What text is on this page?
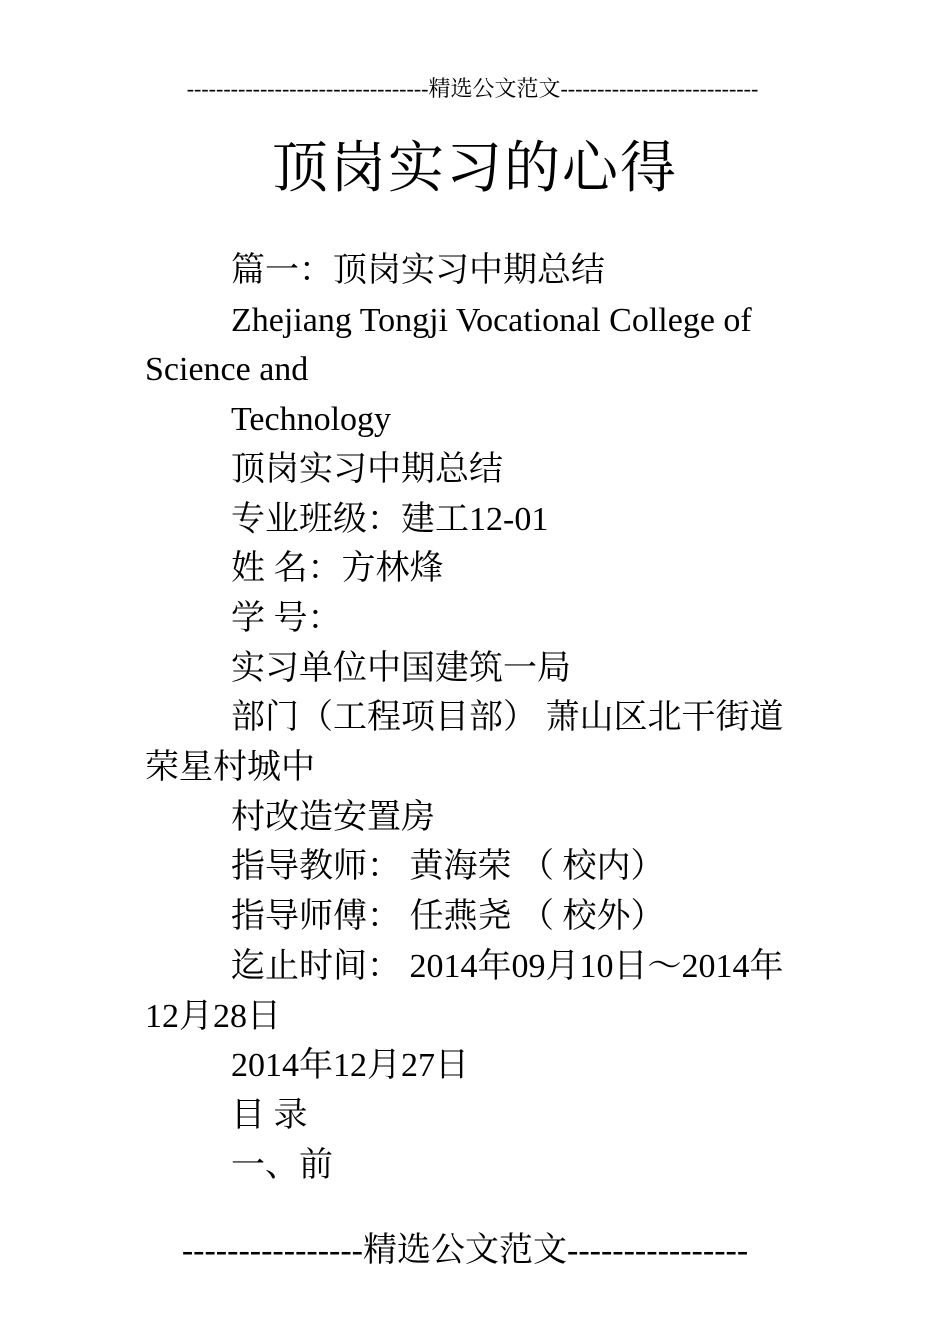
---------------------------------精选公文范文---------------------------
顶岗实习的心得

篇一：顶岗实习中期总结

Zhejiang Tongji Vocational College of Science and

Technology

顶岗实习中期总结

专业班级：建工12-01

姓 名：方林烽

学 号：

实习单位中国建筑一局

部门（工程项目部） 萧山区北干街道荣星村城中

村改造安置房

指导教师： 黄海荣 （ 校内）

指导师傅： 任燕尧 （ 校外）

迄止时间： 2014年09月10日～2014年12月28日

2014年12月27日

目 录

一、前

----------------精选公文范文----------------
